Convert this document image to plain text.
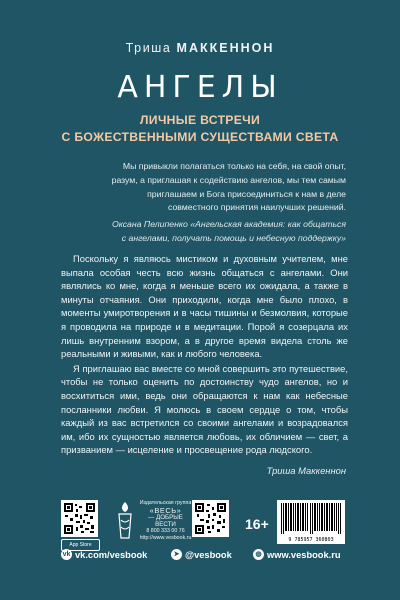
Триша МАККЕННОН
АНГЕЛЫ
ЛИЧНЫЕ ВСТРЕЧИ
С БОЖЕСТВЕННЫМИ СУЩЕСТВАМИ СВЕТА

Мы привыкли полагаться только на себя, на свой опыт, разум, а приглашая к содействию ангелов, мы тем самым приглашаем и Бога присоединиться к нам в деле совместного принятия наилучших решений.

Оксана Пелипенко «Ангельская академия: как общаться с ангелами, получать помощь и небесную поддержку»

Поскольку я являюсь мистиком и духовным учителем, мне выпала особая честь всю жизнь общаться с ангелами. Они являлись ко мне, когда я меньше всего их ожидала, а также в минуты отчаяния. Они приходили, когда мне было плохо, в моменты умиротворения и в часы тишины и безмолвия, которые я проводила на природе и в медитации. Порой я созерцала их лишь внутренним взором, а в другое время видела столь же реальными и живыми, как и любого человека.

Я приглашаю вас вместе со мной совершить это путешествие, чтобы не только оценить по достоинству чудо ангелов, но и восхититься ими, ведь они обращаются к нам как небесные посланники любви. Я молюсь в своем сердце о том, чтобы каждый из вас встретился со своими ангелами и возрадовался им, ибо их сущностью является любовь, их обличием — свет, а призванием — исцеление и просвещение рода людского.

Триша Маккеннон
App Store
Издательская группа
«ВЕСЬ»
— ДОБРЫЕ ВЕСТИ
8 800 333 00 76
http://www.vesbook.ru
16+
9 785957 360803
vk vk.com/vesbook	➤ @vesbook	◍ www.vesbook.ru
